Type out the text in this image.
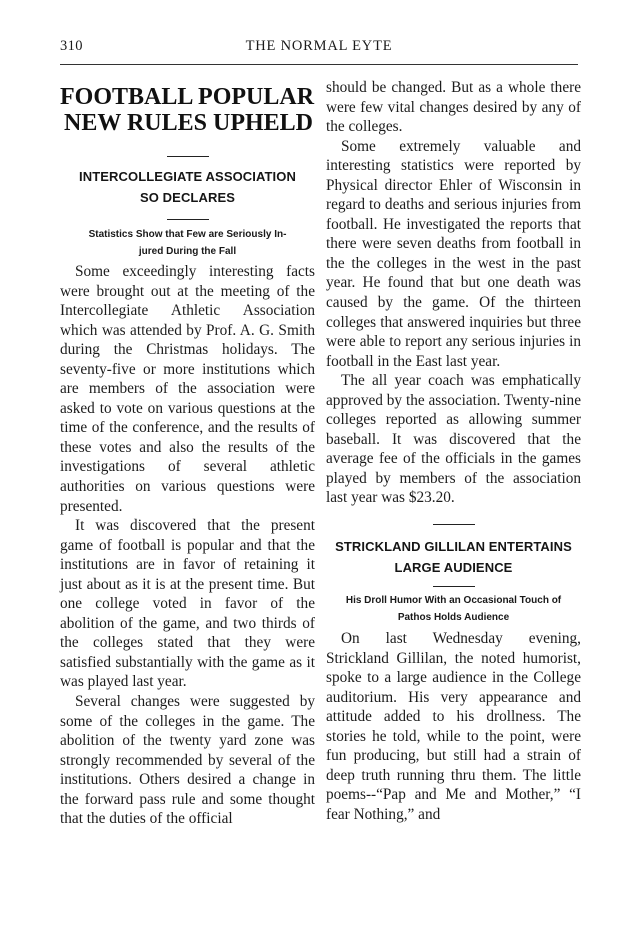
310	THE NORMAL EYTE
FOOTBALL POPULAR
NEW RULES UPHELD
INTERCOLLEGIATE ASSOCIATION
SO DECLARES
Statistics Show that Few are Seriously In-
jured During the Fall

Some exceedingly interesting facts were brought out at the meeting of the Intercollegiate Athletic Association which was attended by Prof. A. G. Smith during the Christmas holidays. The seventy-five or more institutions which are members of the association were asked to vote on various questions at the time of the conference, and the results of these votes and also the results of the investigations of several athletic authorities on various questions were presented.

It was discovered that the present game of football is popular and that the institutions are in favor of retaining it just about as it is at the present time. But one college voted in favor of the abolition of the game, and two thirds of the colleges stated that they were satisfied substantially with the game as it was played last year.

Several changes were suggested by some of the colleges in the game. The abolition of the twenty yard zone was strongly recommended by several of the institutions. Others desired a change in the forward pass rule and some thought that the duties of the official

should be changed. But as a whole there were few vital changes desired by any of the colleges.

Some extremely valuable and interesting statistics were reported by Physical director Ehler of Wisconsin in regard to deaths and serious injuries from football. He investigated the reports that there were seven deaths from football in the the colleges in the west in the past year. He found that but one death was caused by the game. Of the thirteen colleges that answered inquiries but three were able to report any serious injuries in football in the East last year.

The all year coach was emphatically approved by the association. Twenty-nine colleges reported as allowing summer baseball. It was discovered that the average fee of the officials in the games played by members of the association last year was $23.20.

STRICKLAND GILLILAN ENTERTAINS
LARGE AUDIENCE
His Droll Humor With an Occasional Touch of
Pathos Holds Audience

On last Wednesday evening, Strickland Gillilan, the noted humorist, spoke to a large audience in the College auditorium. His very appearance and attitude added to his drollness. The stories he told, while to the point, were fun producing, but still had a strain of deep truth running thru them. The little poems--“Pap and Me and Mother,” “I fear Nothing,” and
